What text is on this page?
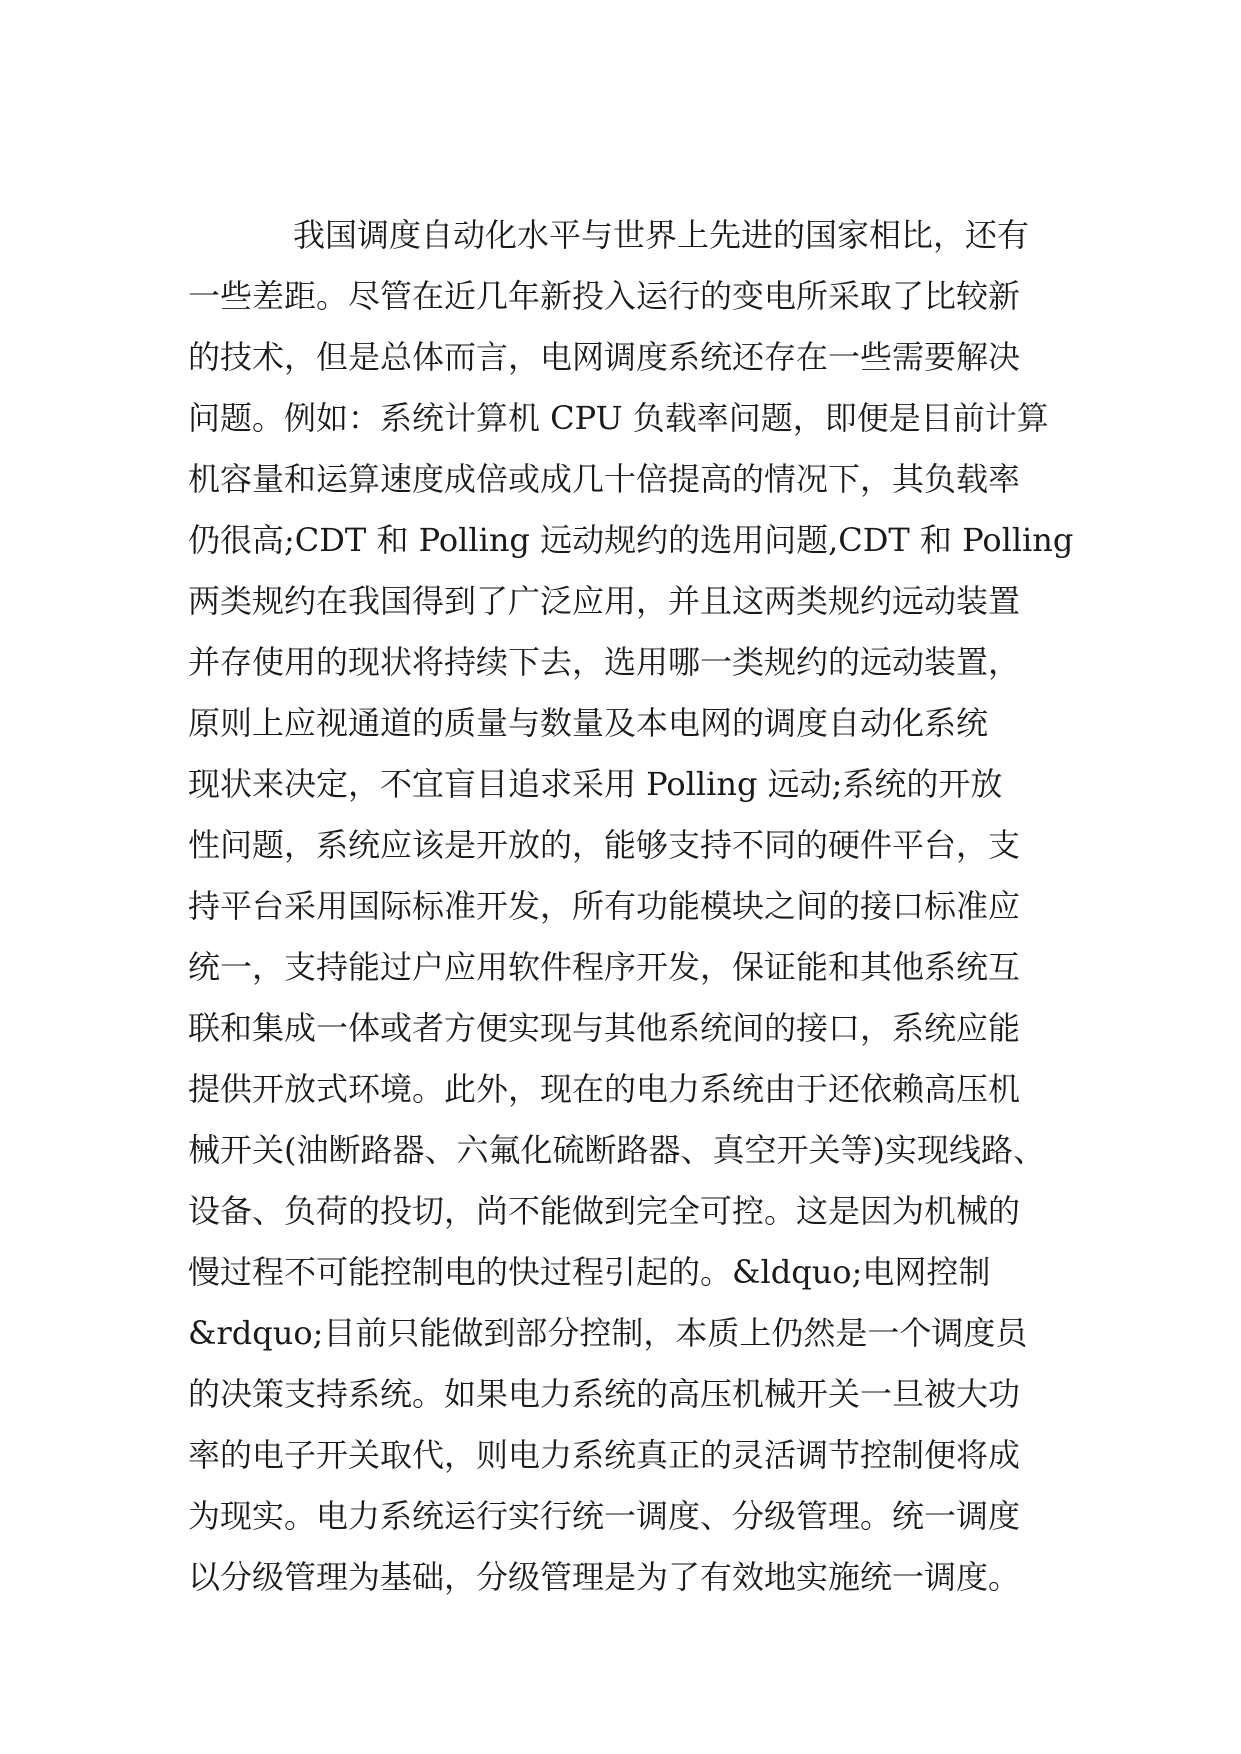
我国调度自动化水平与世界上先进的国家相比，还有
一些差距。尽管在近几年新投入运行的变电所采取了比较新
的技术，但是总体而言，电网调度系统还存在一些需要解决
问题。例如：系统计算机 CPU 负载率问题，即便是目前计算
机容量和运算速度成倍或成几十倍提高的情况下，其负载率
仍很高;CDT 和 Polling 远动规约的选用问题,CDT 和 Polling
两类规约在我国得到了广泛应用，并且这两类规约远动装置
并存使用的现状将持续下去，选用哪一类规约的远动装置，
原则上应视通道的质量与数量及本电网的调度自动化系统
现状来决定，不宜盲目追求采用 Polling 远动;系统的开放
性问题，系统应该是开放的，能够支持不同的硬件平台，支
持平台采用国际标准开发，所有功能模块之间的接口标准应
统一，支持能过户应用软件程序开发，保证能和其他系统互
联和集成一体或者方便实现与其他系统间的接口，系统应能
提供开放式环境。此外，现在的电力系统由于还依赖高压机
械开关(油断路器、六氟化硫断路器、真空开关等)实现线路、
设备、负荷的投切，尚不能做到完全可控。这是因为机械的
慢过程不可能控制电的快过程引起的。&ldquo;电网控制
&rdquo;目前只能做到部分控制，本质上仍然是一个调度员
的决策支持系统。如果电力系统的高压机械开关一旦被大功
率的电子开关取代，则电力系统真正的灵活调节控制便将成
为现实。电力系统运行实行统一调度、分级管理。统一调度
以分级管理为基础，分级管理是为了有效地实施统一调度。
